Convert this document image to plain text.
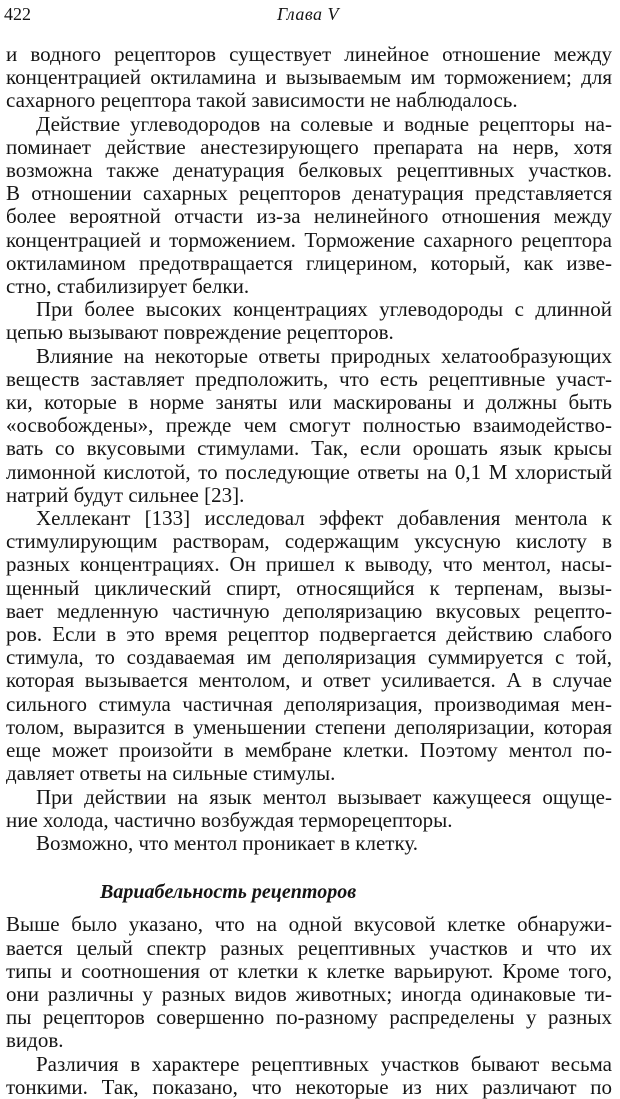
422	Глава V
и водного рецепторов существует линейное отношение между
концентрацией октиламина и вызываемым им торможением; для
сахарного рецептора такой зависимости не наблюдалось.
Действие углеводородов на солевые и водные рецепторы на-
поминает действие анестезирующего препарата на нерв, хотя
возможна также денатурация белковых рецептивных участков.
В отношении сахарных рецепторов денатурация представляется
более вероятной отчасти из-за нелинейного отношения между
концентрацией и торможением. Торможение сахарного рецептора
октиламином предотвращается глицерином, который, как изве-
стно, стабилизирует белки.
При более высоких концентрациях углеводороды с длинной
цепью вызывают повреждение рецепторов.
Влияние на некоторые ответы природных хелатообразующих
веществ заставляет предположить, что есть рецептивные участ-
ки, которые в норме заняты или маскированы и должны быть
«освобождены», прежде чем смогут полностью взаимодейство-
вать со вкусовыми стимулами. Так, если орошать язык крысы
лимонной кислотой, то последующие ответы на 0,1 М хлористый
натрий будут сильнее [23].
Хеллекант [133] исследовал эффект добавления ментола к
стимулирующим растворам, содержащим уксусную кислоту в
разных концентрациях. Он пришел к выводу, что ментол, насы-
щенный циклический спирт, относящийся к терпенам, вызы-
вает медленную частичную деполяризацию вкусовых рецепто-
ров. Если в это время рецептор подвергается действию слабого
стимула, то создаваемая им деполяризация суммируется с той,
которая вызывается ментолом, и ответ усиливается. А в случае
сильного стимула частичная деполяризация, производимая мен-
толом, выразится в уменьшении степени деполяризации, которая
еще может произойти в мембране клетки. Поэтому ментол по-
давляет ответы на сильные стимулы.
При действии на язык ментол вызывает кажущееся ощуще-
ние холода, частично возбуждая терморецепторы.
Возможно, что ментол проникает в клетку.
Вариабельность рецепторов
Выше было указано, что на одной вкусовой клетке обнаружи-
вается целый спектр разных рецептивных участков и что их
типы и соотношения от клетки к клетке варьируют. Кроме того,
они различны у разных видов животных; иногда одинаковые ти-
пы рецепторов совершенно по-разному распределены у разных
видов.
Различия в характере рецептивных участков бывают весьма
тонкими. Так, показано, что некоторые из них различают по
